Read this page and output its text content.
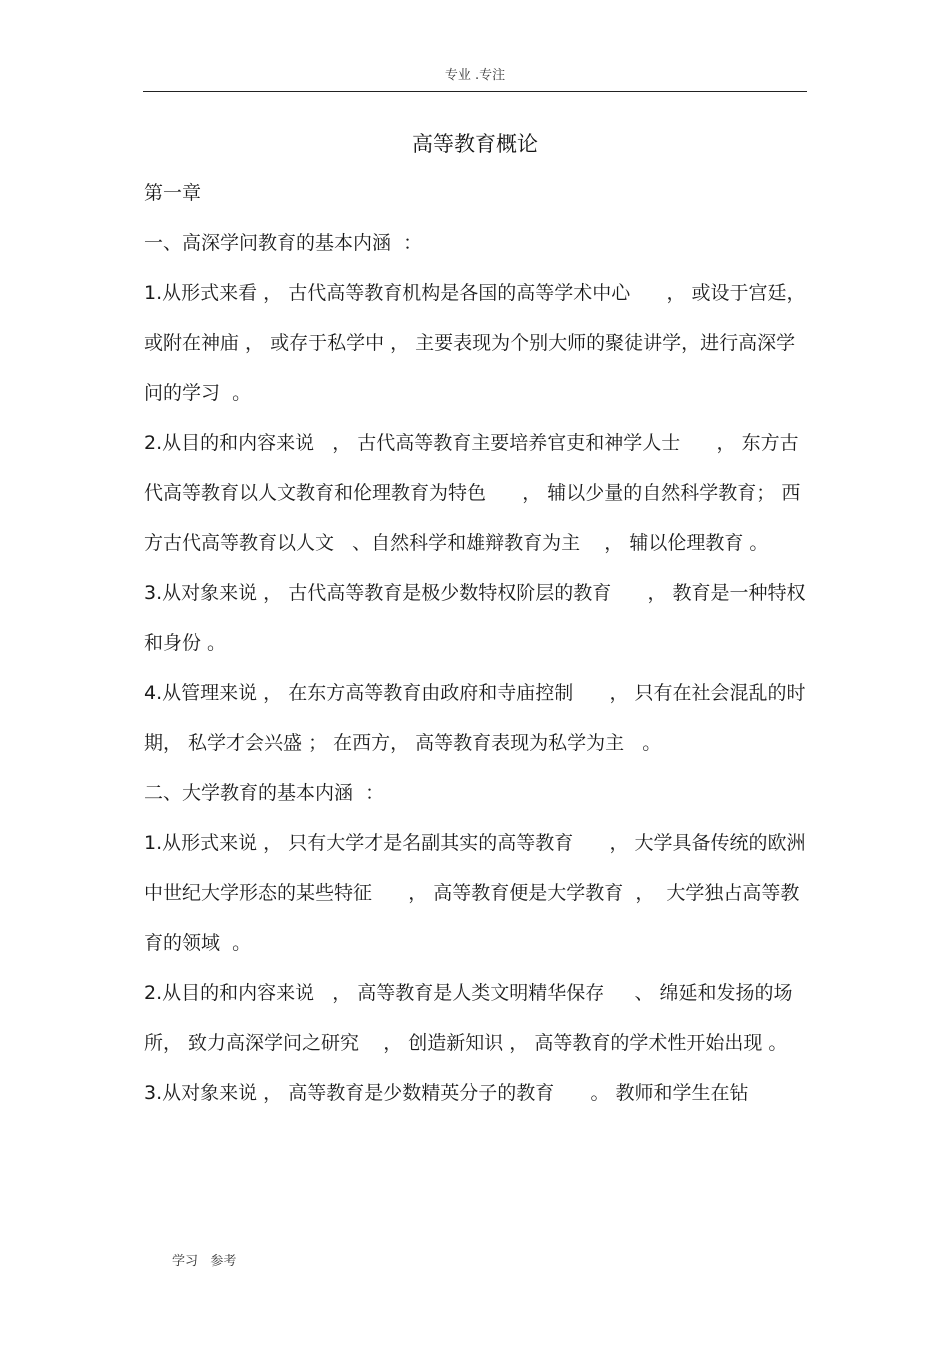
专业 .专注
高等教育概论

第一章

一、高深学问教育的基本内涵  ：

1.从形式来看 ， 古代高等教育机构是各国的高等学术中心      ， 或设于宫廷， 或附在神庙 ， 或存于私学中 ， 主要表现为个别大师的聚徒讲学，进行高深学问的学习  。

2.从目的和内容来说   ， 古代高等教育主要培养官吏和神学人士      ， 东方古代高等教育以人文教育和伦理教育为特色      ， 辅以少量的自然科学教育； 西方古代高等教育以人文   、自然科学和雄辩教育为主    ， 辅以伦理教育 。

3.从对象来说 ， 古代高等教育是极少数特权阶层的教育      ， 教育是一种特权和身份 。

4.从管理来说 ， 在东方高等教育由政府和寺庙控制      ， 只有在社会混乱的时期， 私学才会兴盛 ； 在西方， 高等教育表现为私学为主   。

二、大学教育的基本内涵  ：

1.从形式来说 ， 只有大学才是名副其实的高等教育      ， 大学具备传统的欧洲中世纪大学形态的某些特征      ， 高等教育便是大学教育  ，  大学独占高等教育的领域  。

2.从目的和内容来说   ， 高等教育是人类文明精华保存     、 绵延和发扬的场所， 致力高深学问之研究    ， 创造新知识 ， 高等教育的学术性开始出现 。

3.从对象来说 ， 高等教育是少数精英分子的教育      。 教师和学生在钻

学习   参考
